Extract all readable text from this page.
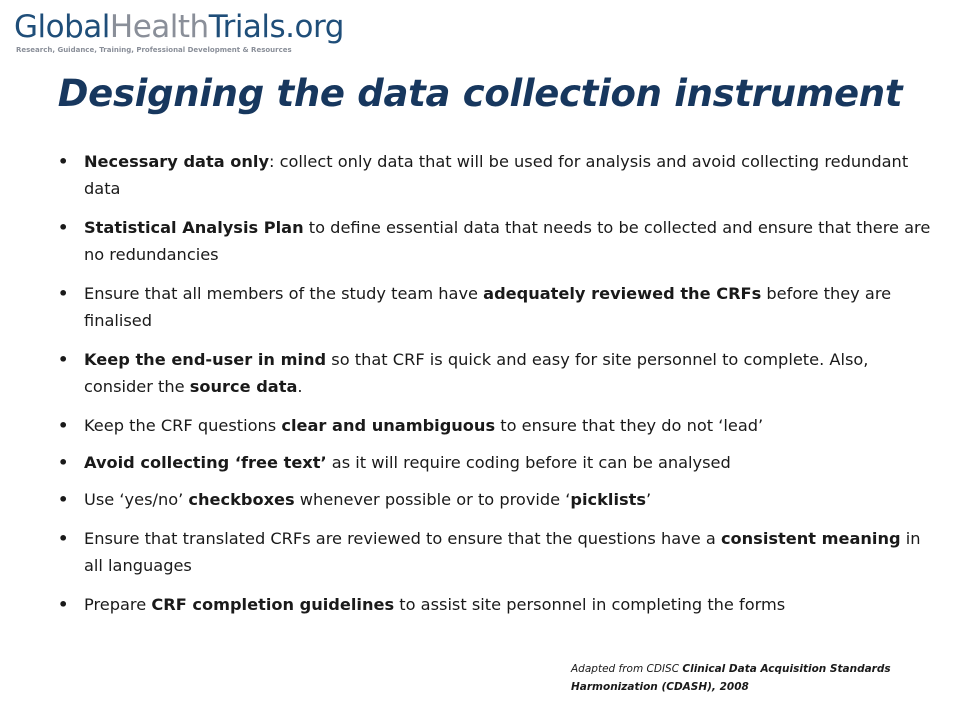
GlobalHealthTrials.org
Research, Guidance, Training, Professional Development & Resources
Designing the data collection instrument
• Necessary data only: collect only data that will be used for analysis and avoid collecting redundant data
• Statistical Analysis Plan to define essential data that needs to be collected and ensure that there are no redundancies
• Ensure that all members of the study team have adequately reviewed the CRFs before they are finalised
• Keep the end-user in mind so that CRF is quick and easy for site personnel to complete. Also, consider the source data.
• Keep the CRF questions clear and unambiguous to ensure that they do not ‘lead’
• Avoid collecting ‘free text’ as it will require coding before it can be analysed
• Use ‘yes/no’ checkboxes whenever possible or to provide ‘picklists’
• Ensure that translated CRFs are reviewed to ensure that the questions have a consistent meaning in all languages
• Prepare CRF completion guidelines to assist site personnel in completing the forms
Adapted from CDISC Clinical Data Acquisition Standards Harmonization (CDASH), 2008
